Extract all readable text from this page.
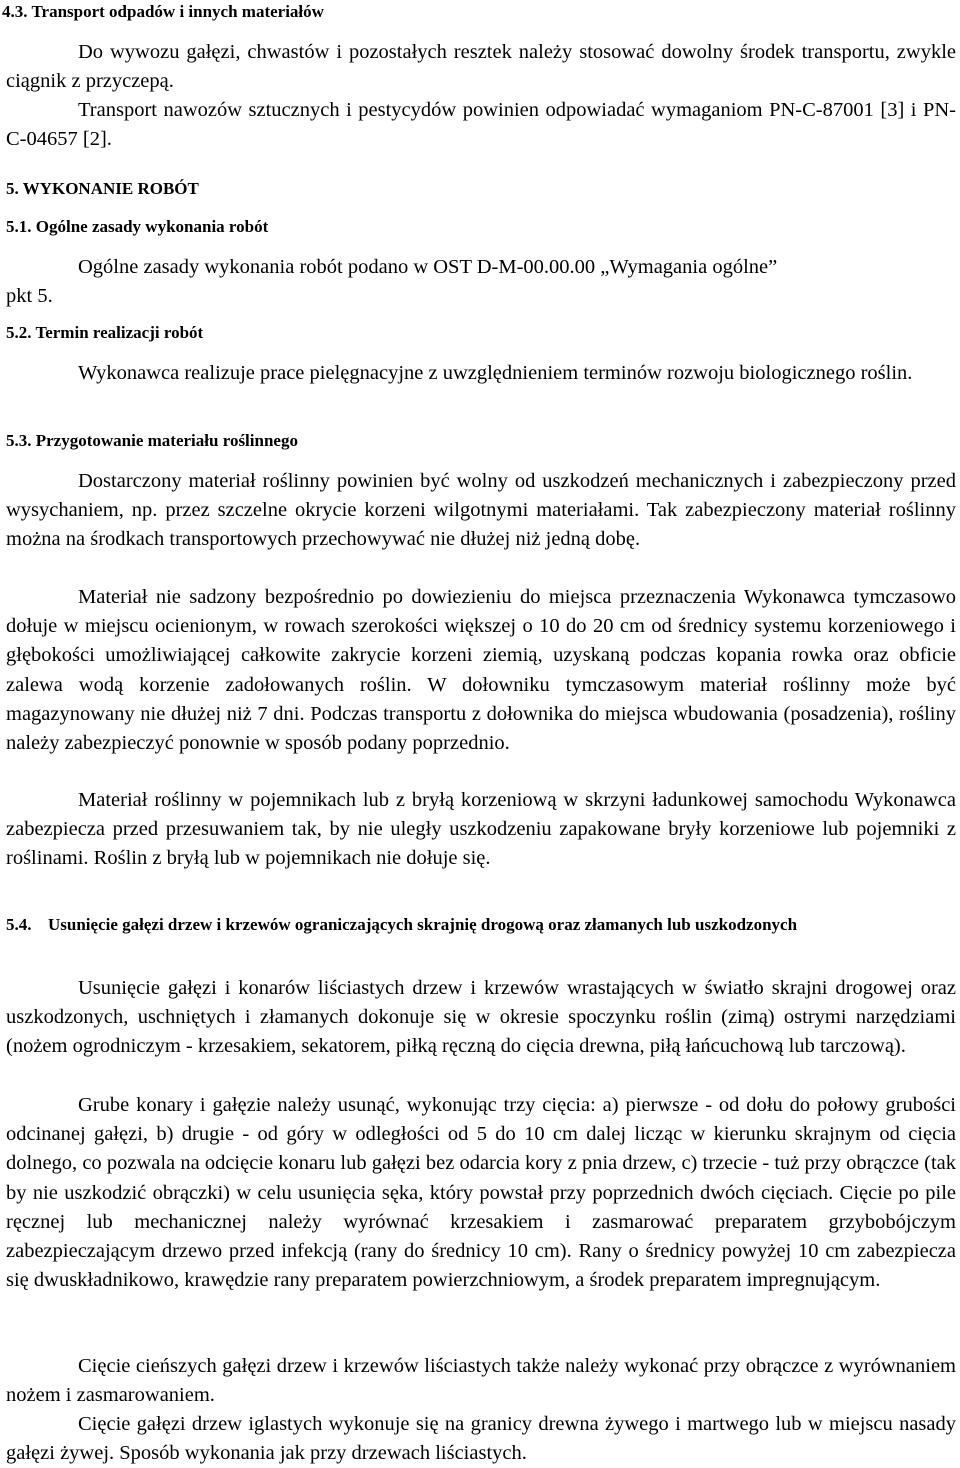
4.3. Transport odpadów i innych materiałów
Do wywozu gałęzi, chwastów i pozostałych resztek należy stosować dowolny środek transportu, zwykle ciągnik z przyczepą.
Transport nawozów sztucznych i pestycydów powinien odpowiadać wymaganiom PN-C-87001 [3] i PN-C-04657 [2].
5. WYKONANIE ROBÓT
5.1. Ogólne zasady wykonania robót
Ogólne zasady wykonania robót podano w OST D-M-00.00.00 „Wymagania ogólne”
pkt 5.
5.2. Termin realizacji robót
Wykonawca realizuje prace pielęgnacyjne z uwzględnieniem terminów rozwoju biologicznego roślin.
5.3. Przygotowanie materiału roślinnego
Dostarczony materiał roślinny powinien być wolny od uszkodzeń mechanicznych i zabezpieczony przed wysychaniem, np. przez szczelne okrycie korzeni wilgotnymi materiałami. Tak zabezpieczony materiał roślinny można na środkach transportowych przechowywać nie dłużej niż jedną dobę.
Materiał nie sadzony bezpośrednio po dowiezieniu do miejsca przeznaczenia Wykonawca tymczasowo dołuje w miejscu ocienionym, w rowach szerokości większej o 10 do 20 cm od średnicy systemu korzeniowego i głębokości umożliwiającej całkowite zakrycie korzeni ziemią, uzyskaną podczas kopania rowka oraz obficie zalewa wodą korzenie zadołowanych roślin. W dołowniku tymczasowym materiał roślinny może być magazynowany nie dłużej niż 7 dni. Podczas transportu z dołownika do miejsca wbudowania (posadzenia), rośliny należy zabezpieczyć ponownie w sposób podany poprzednio.
Materiał roślinny w pojemnikach lub z bryłą korzeniową w skrzyni ładunkowej samochodu Wykonawca zabezpiecza przed przesuwaniem tak, by nie uległy uszkodzeniu zapakowane bryły korzeniowe lub pojemniki z roślinami. Roślin z bryłą lub w pojemnikach nie dołuje się.
5.4. Usunięcie gałęzi drzew i krzewów ograniczających skrajnię drogową oraz złamanych lub uszkodzonych
Usunięcie gałęzi i konarów liściastych drzew i krzewów wrastających w światło skrajni drogowej oraz uszkodzonych, uschniętych i złamanych dokonuje się w okresie spoczynku roślin (zimą) ostrymi narzędziami (nożem ogrodniczym - krzesakiem, sekatorem, piłką ręczną do cięcia drewna, piłą łańcuchową lub tarczową).
Grube konary i gałęzie należy usunąć, wykonując trzy cięcia: a) pierwsze - od dołu do połowy grubości odcinanej gałęzi, b) drugie - od góry w odległości od 5 do 10 cm dalej licząc w kierunku skrajnym od cięcia dolnego, co pozwala na odcięcie konaru lub gałęzi bez odarcia kory z pnia drzew, c) trzecie - tuż przy obrączce (tak by nie uszkodzić obrączki) w celu usunięcia sęka, który powstał przy poprzednich dwóch cięciach. Cięcie po pile ręcznej lub mechanicznej należy wyrównać krzesakiem i zasmarować preparatem grzybobójczym zabezpieczającym drzewo przed infekcją (rany do średnicy 10 cm). Rany o średnicy powyżej 10 cm zabezpiecza się dwuskładnikowo, krawędzie rany preparatem powierzchniowym, a środek preparatem impregnującym.
Cięcie cieńszych gałęzi drzew i krzewów liściastych także należy wykonać przy obrączce z wyrównaniem nożem i zasmarowaniem.
Cięcie gałęzi drzew iglastych wykonuje się na granicy drewna żywego i martwego lub w miejscu nasady gałęzi żywej. Sposób wykonania jak przy drzewach liściastych.
